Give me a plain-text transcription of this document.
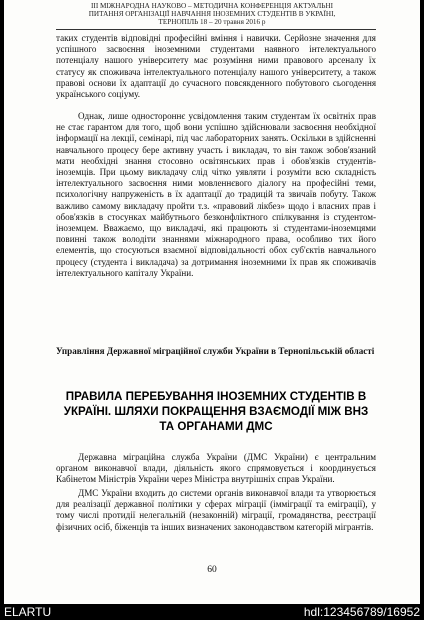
ІІІ МІЖНАРОДНА НАУКОВО – МЕТОДИЧНА КОНФЕРЕНЦІЯ АКТУАЛЬНІ
ПИТАННЯ ОРГАНІЗАЦІЇ НАВЧАННЯ ІНОЗЕМНИХ СТУДЕНТІВ В УКРАЇНІ,
ТЕРНОПІЛЬ 18 – 20 травня 2016 р

таких студентів відповідні професійні вміння і навички. Серйозне значення для успішного засвоєння іноземними студентами наявного інтелектуального потенціалу нашого університету має розуміння ними правового арсеналу їх статусу як споживача інтелектуального потенціалу нашого університету, а також правові основи їх адаптації до сучасного повсякденного побутового сьогодення українського соціуму.

Однак, лише одностороннє усвідомлення таким студентам їх освітніх прав не стає гарантом для того, щоб вони успішно здійснювали засвоєння необхідної інформації на лекції, семінарі, під час лабораторних занять. Оскільки в здійсненні навчального процесу бере активну участь і викладач, то він також зобов'язаний мати необхідні знання стосовно освітянських прав і обов'язків студентів-іноземців. При цьому викладачу слід чітко уявляти і розуміти всю складність інтелектуального засвоєння ними мовленнєвого діалогу на професійні теми, психологічну напруженість в їх адаптації до традицій та звичаїв побуту. Також важливо самому викладачу пройти т.з. «правовий лікбез» щодо і власних прав і обов'язків в стосунках майбутнього безконфліктного спілкування із студентом-іноземцем. Вважаємо, що викладачі, які працюють зі студентами-іноземцями повинні також володіти знаннями міжнародного права, особливо тих його елементів, що стосуються взаємної відповідальності обох суб'єктів навчального процесу (студента і викладача) за дотримання іноземними їх прав як споживачів інтелектуального капіталу України.

Управління Державної міграційної служби України в Тернопільській області

ПРАВИЛА ПЕРЕБУВАННЯ ІНОЗЕМНИХ СТУДЕНТІВ В УКРАЇНІ. ШЛЯХИ ПОКРАЩЕННЯ ВЗАЄМОДІЇ МІЖ ВНЗ ТА ОРГАНАМИ ДМС

Державна міграційна служба України (ДМС України) є центральним органом виконавчої влади, діяльність якого спрямовується і координується Кабінетом Міністрів України через Міністра внутрішніх справ України.

ДМС України входить до системи органів виконавчої влади та утворюється для реалізації державної політики у сферах міграції (імміграції та еміграції), у тому числі протидії нелегальній (незаконній) міграції, громадянства, реєстрації фізичних осіб, біженців та інших визначених законодавством категорій мігрантів.

60
ELARTU	hdl:123456789/16952
